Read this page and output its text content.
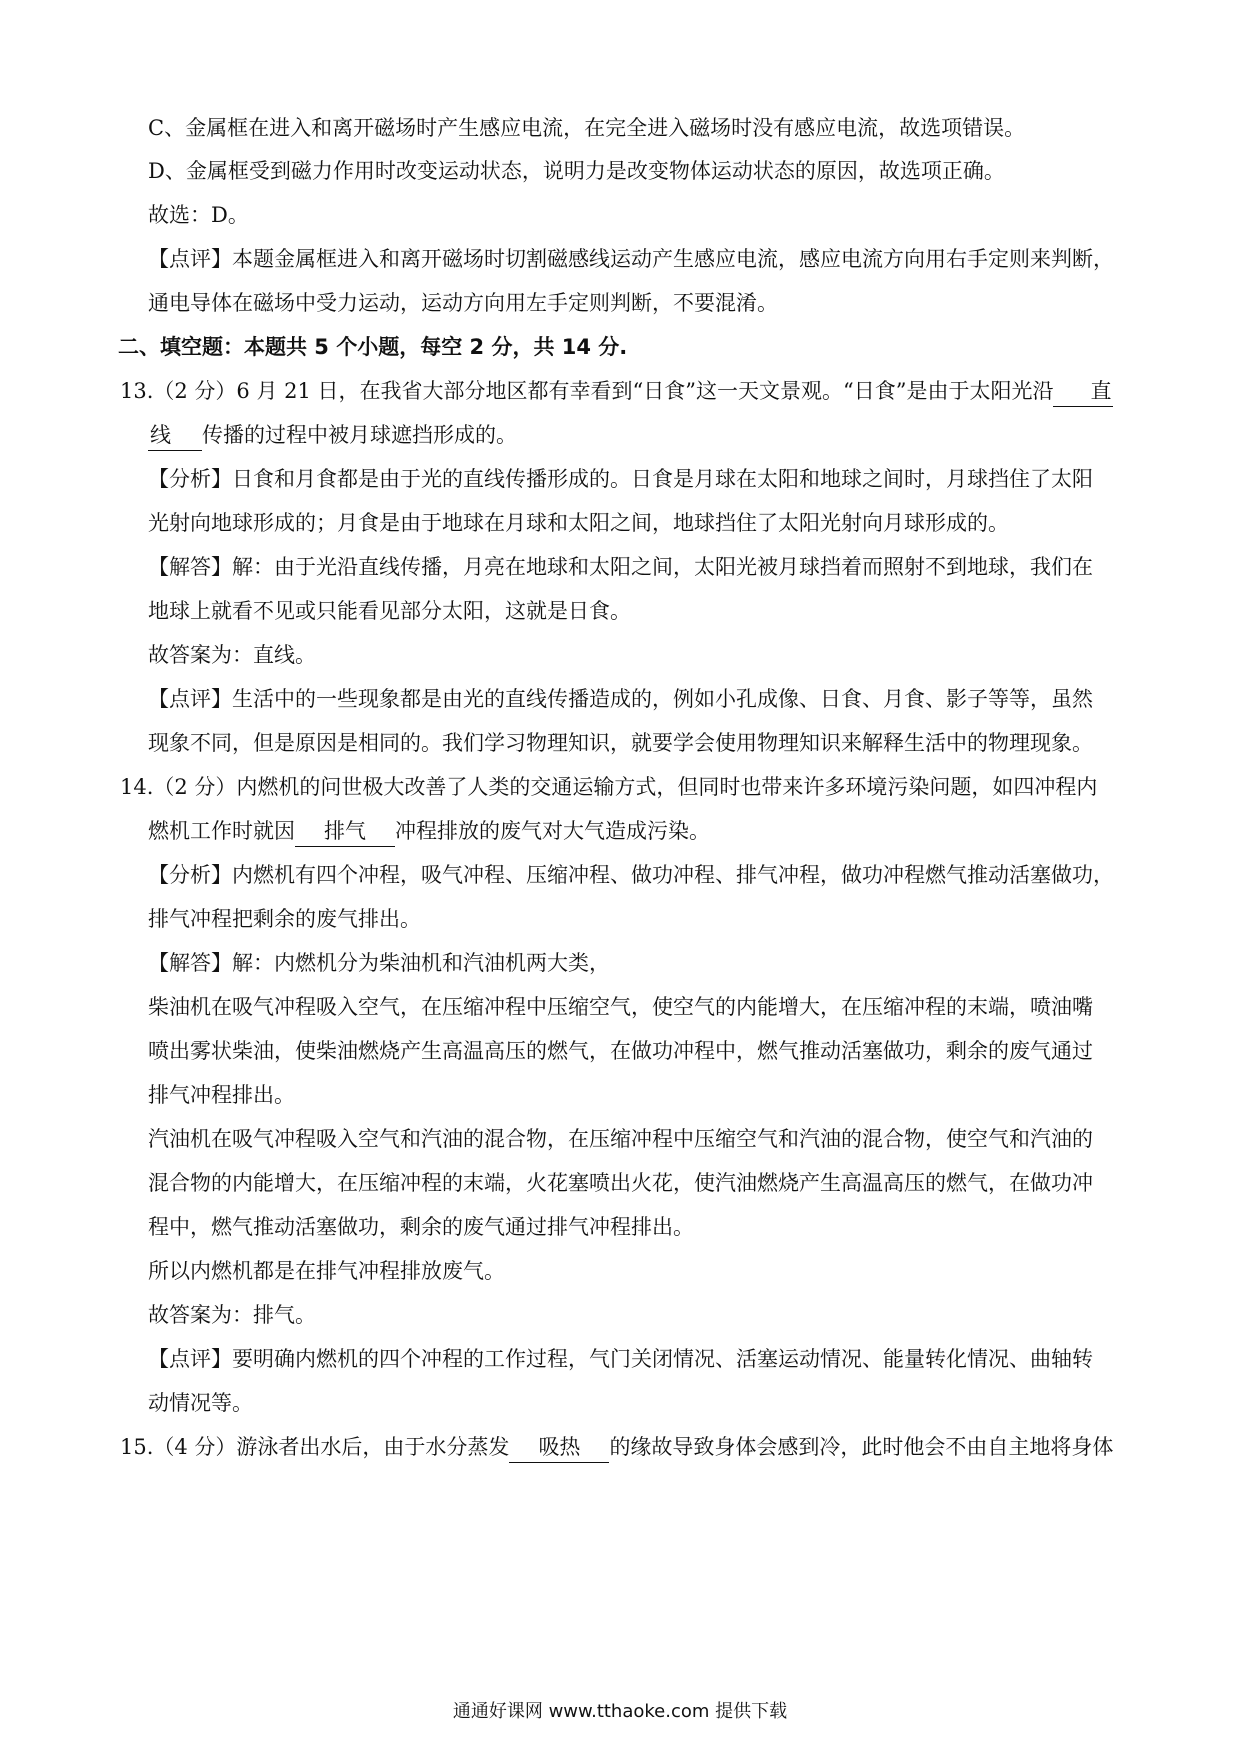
C、金属框在进入和离开磁场时产生感应电流，在完全进入磁场时没有感应电流，故选项错误。
D、金属框受到磁力作用时改变运动状态，说明力是改变物体运动状态的原因，故选项正确。
故选：D。
【点评】本题金属框进入和离开磁场时切割磁感线运动产生感应电流，感应电流方向用右手定则来判断，
通电导体在磁场中受力运动，运动方向用左手定则判断，不要混淆。
二、填空题：本题共 5 个小题，每空 2 分，共 14 分.
13.（2 分）6 月 21 日，在我省大部分地区都有幸看到“日食”这一天文景观。“日食”是由于太阳光沿 直
线 传播的过程中被月球遮挡形成的。
【分析】日食和月食都是由于光的直线传播形成的。日食是月球在太阳和地球之间时，月球挡住了太阳
光射向地球形成的；月食是由于地球在月球和太阳之间，地球挡住了太阳光射向月球形成的。
【解答】解：由于光沿直线传播，月亮在地球和太阳之间，太阳光被月球挡着而照射不到地球，我们在
地球上就看不见或只能看见部分太阳，这就是日食。
故答案为：直线。
【点评】生活中的一些现象都是由光的直线传播造成的，例如小孔成像、日食、月食、影子等等，虽然
现象不同，但是原因是相同的。我们学习物理知识，就要学会使用物理知识来解释生活中的物理现象。
14.（2 分）内燃机的问世极大改善了人类的交通运输方式，但同时也带来许多环境污染问题，如四冲程内
燃机工作时就因 排气 冲程排放的废气对大气造成污染。
【分析】内燃机有四个冲程，吸气冲程、压缩冲程、做功冲程、排气冲程，做功冲程燃气推动活塞做功，
排气冲程把剩余的废气排出。
【解答】解：内燃机分为柴油机和汽油机两大类，
柴油机在吸气冲程吸入空气，在压缩冲程中压缩空气，使空气的内能增大，在压缩冲程的末端，喷油嘴
喷出雾状柴油，使柴油燃烧产生高温高压的燃气，在做功冲程中，燃气推动活塞做功，剩余的废气通过
排气冲程排出。
汽油机在吸气冲程吸入空气和汽油的混合物，在压缩冲程中压缩空气和汽油的混合物，使空气和汽油的
混合物的内能增大，在压缩冲程的末端，火花塞喷出火花，使汽油燃烧产生高温高压的燃气，在做功冲
程中，燃气推动活塞做功，剩余的废气通过排气冲程排出。
所以内燃机都是在排气冲程排放废气。
故答案为：排气。
【点评】要明确内燃机的四个冲程的工作过程，气门关闭情况、活塞运动情况、能量转化情况、曲轴转
动情况等。
15.（4 分）游泳者出水后，由于水分蒸发 吸热 的缘故导致身体会感到冷，此时他会不由自主地将身体
通通好课网 www.tthaoke.com 提供下载
